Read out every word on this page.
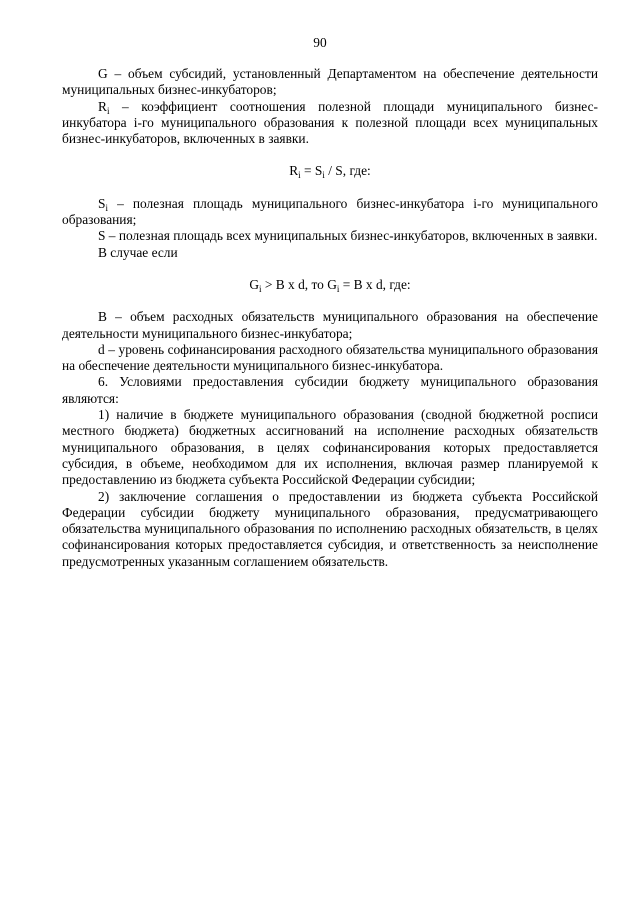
90

G – объем субсидий, установленный Департаментом на обеспечение деятельности муниципальных бизнес-инкубаторов;

$R_i$ – коэффициент соотношения полезной площади муниципального бизнес-инкубатора i-го муниципального образования к полезной площади всех муниципальных бизнес-инкубаторов, включенных в заявки.

$R_i = S_i / S$, где:

$S_i$ – полезная площадь муниципального бизнес-инкубатора i-го муниципального образования;

S – полезная площадь всех муниципальных бизнес-инкубаторов, включенных в заявки.

В случае если

$G_i > B$ x d, то $G_i = B$ x d, где:

В – объем расходных обязательств муниципального образования на обеспечение деятельности муниципального бизнес-инкубатора;

d – уровень софинансирования расходного обязательства муниципального образования на обеспечение деятельности муниципального бизнес-инкубатора.

6. Условиями предоставления субсидии бюджету муниципального образования являются:

1) наличие в бюджете муниципального образования (сводной бюджетной росписи местного бюджета) бюджетных ассигнований на исполнение расходных обязательств муниципального образования, в целях софинансирования которых предоставляется субсидия, в объеме, необходимом для их исполнения, включая размер планируемой к предоставлению из бюджета субъекта Российской Федерации субсидии;

2) заключение соглашения о предоставлении из бюджета субъекта Российской Федерации субсидии бюджету муниципального образования, предусматривающего обязательства муниципального образования по исполнению расходных обязательств, в целях софинансирования которых предоставляется субсидия, и ответственность за неисполнение предусмотренных указанным соглашением обязательств.
